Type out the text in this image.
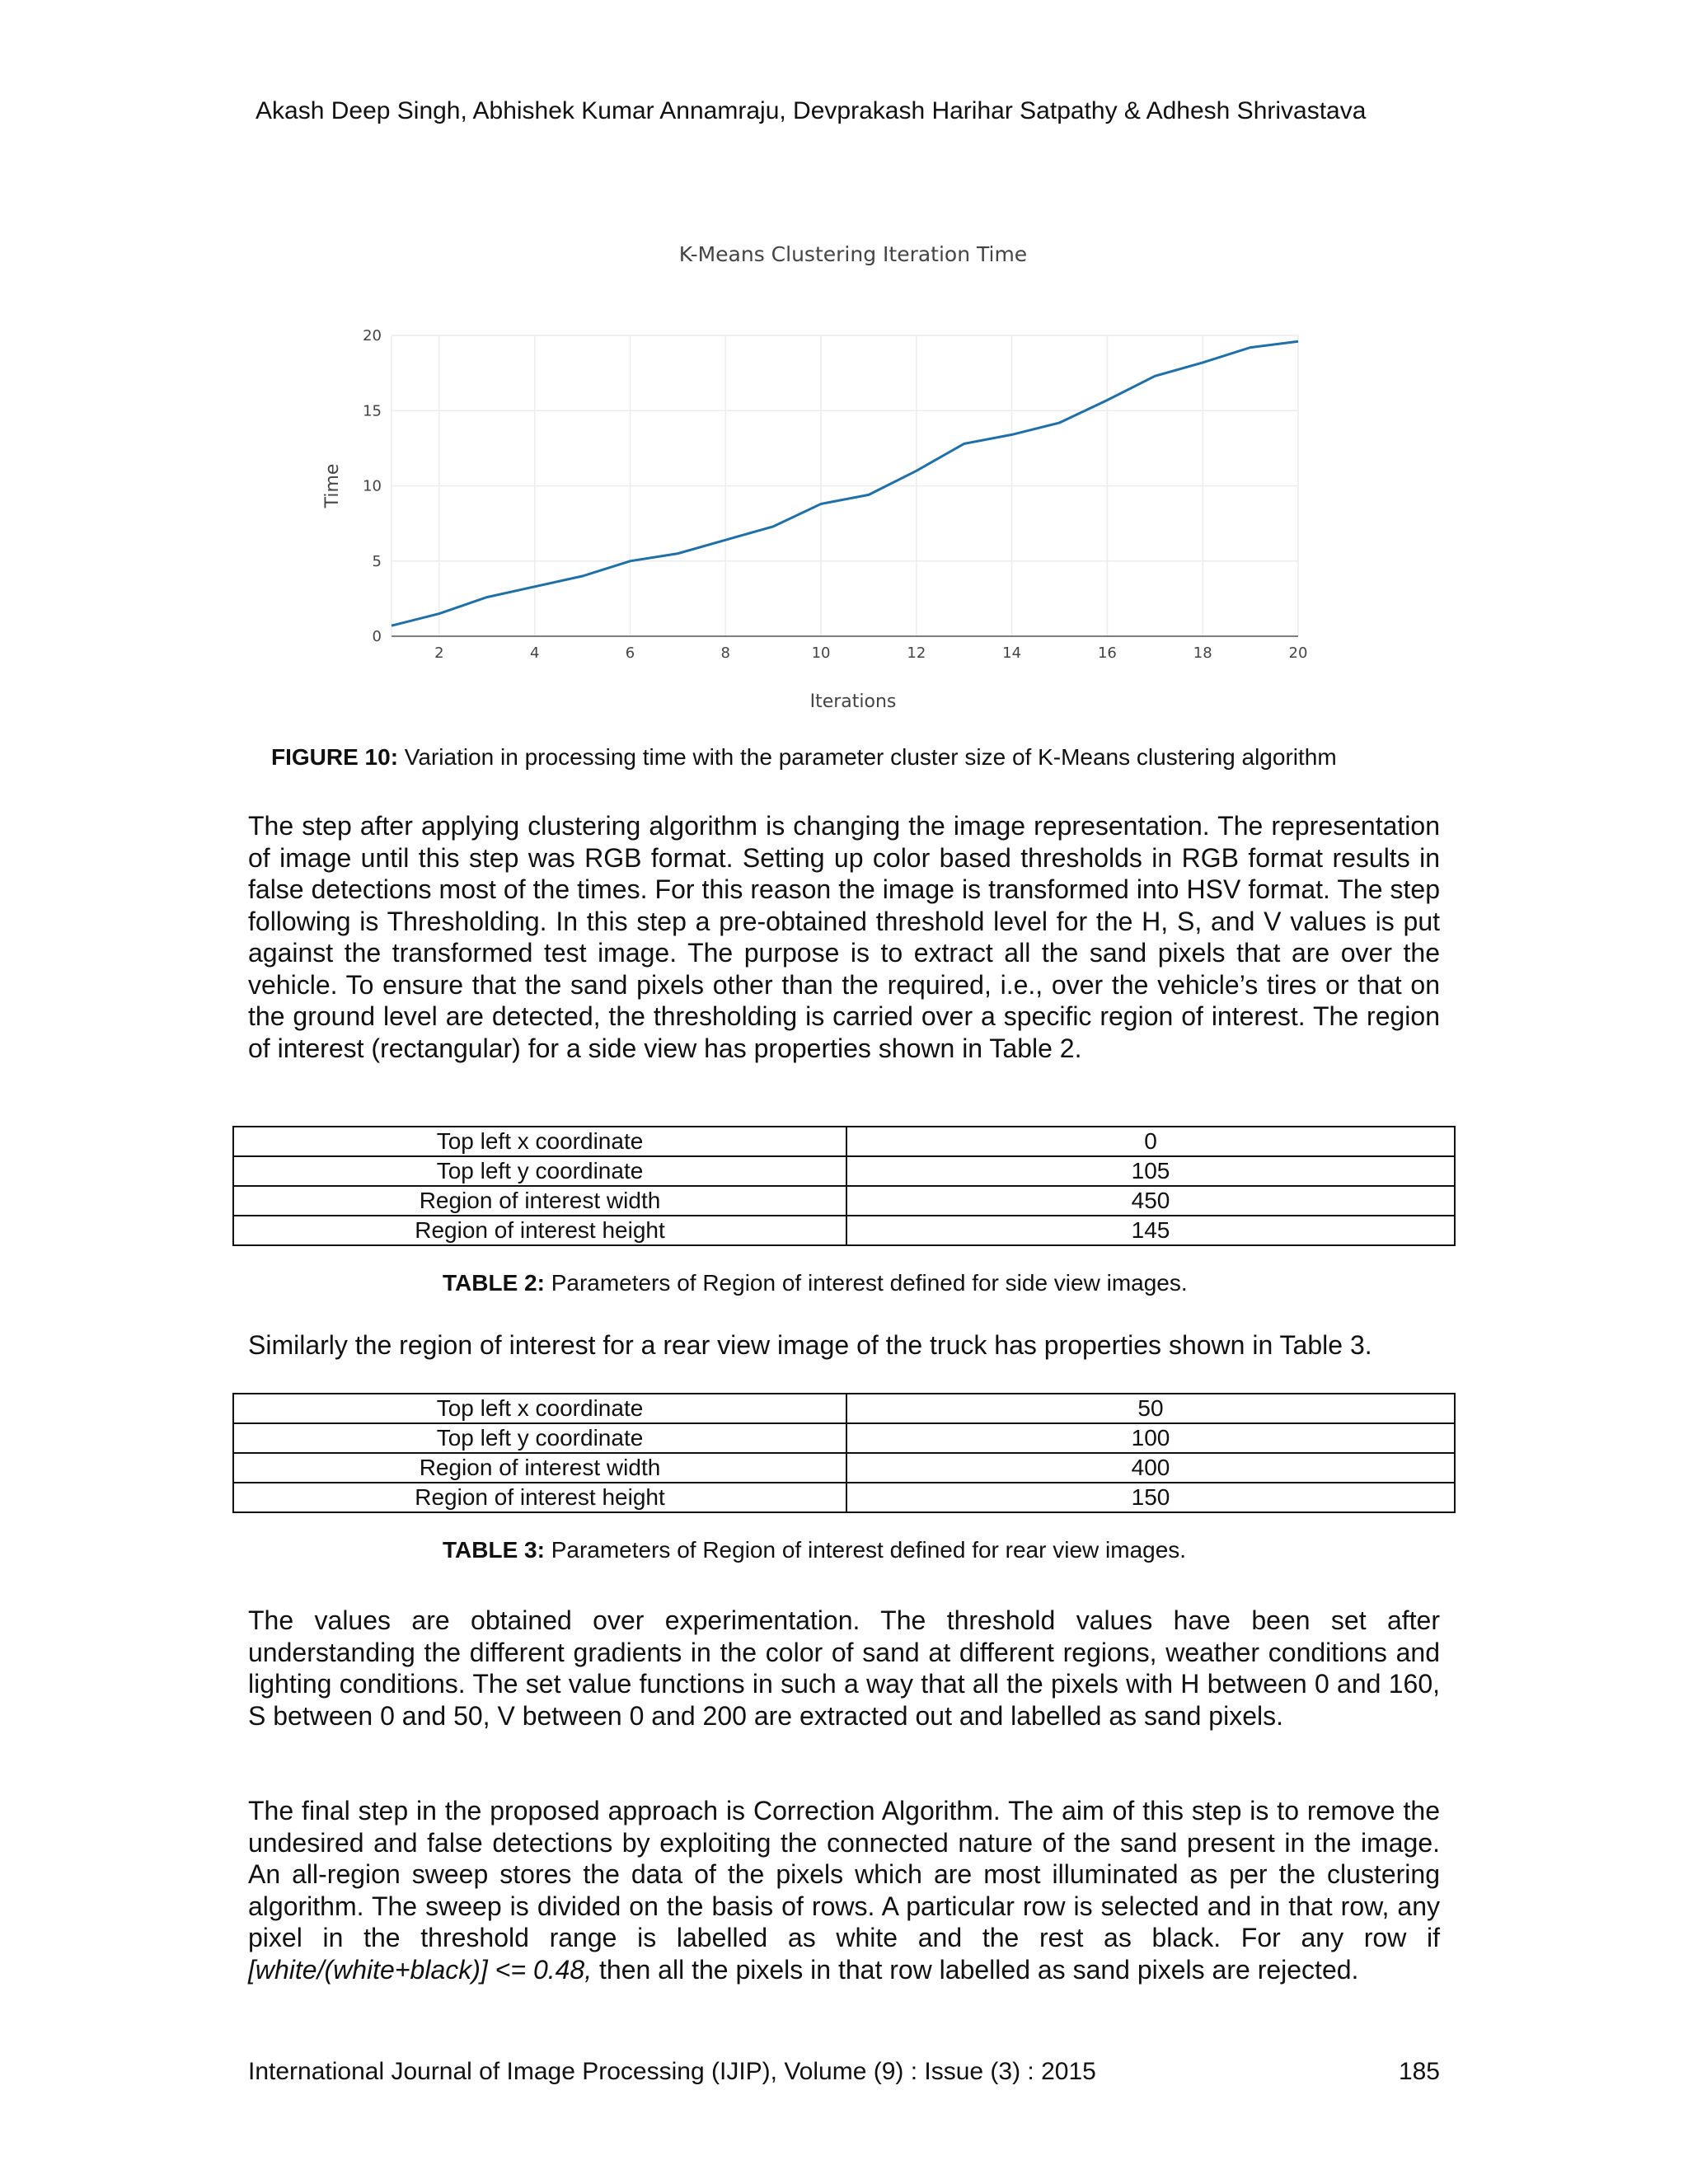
Akash Deep Singh, Abhishek Kumar Annamraju, Devprakash Harihar Satpathy & Adhesh Shrivastava
0
5
10
15
20
2	4	6	8	10	12	14	16	18	20
K-Means Clustering Iteration Time
Iterations
Time
FIGURE 10: Variation in processing time with the parameter cluster size of K-Means clustering algorithm
The step after applying clustering algorithm is changing the image representation. The representation of image until this step was RGB format. Setting up color based thresholds in RGB format results in false detections most of the times. For this reason the image is transformed into HSV format. The step following is Thresholding. In this step a pre-obtained threshold level for the H, S, and V values is put against the transformed test image. The purpose is to extract all the sand pixels that are over the vehicle. To ensure that the sand pixels other than the required, i.e., over the vehicle’s tires or that on the ground level are detected, the thresholding is carried over a specific region of interest. The region of interest (rectangular) for a side view has properties shown in Table 2.
Top left x coordinate	0
Top left y coordinate	105
Region of interest width	450
Region of interest height	145
TABLE 2: Parameters of Region of interest defined for side view images.
Similarly the region of interest for a rear view image of the truck has properties shown in Table 3.
Top left x coordinate	50
Top left y coordinate	100
Region of interest width	400
Region of interest height	150
TABLE 3: Parameters of Region of interest defined for rear view images.
The values are obtained over experimentation. The threshold values have been set after understanding the different gradients in the color of sand at different regions, weather conditions and lighting conditions. The set value functions in such a way that all the pixels with H between 0 and 160, S between 0 and 50, V between 0 and 200 are extracted out and labelled as sand pixels.
The final step in the proposed approach is Correction Algorithm. The aim of this step is to remove the undesired and false detections by exploiting the connected nature of the sand present in the image. An all-region sweep stores the data of the pixels which are most illuminated as per the clustering algorithm. The sweep is divided on the basis of rows. A particular row is selected and in that row, any pixel in the threshold range is labelled as white and the rest as black. For any row if [white/(white+black)] <= 0.48, then all the pixels in that row labelled as sand pixels are rejected.
International Journal of Image Processing (IJIP), Volume (9) : Issue (3) : 2015	185
